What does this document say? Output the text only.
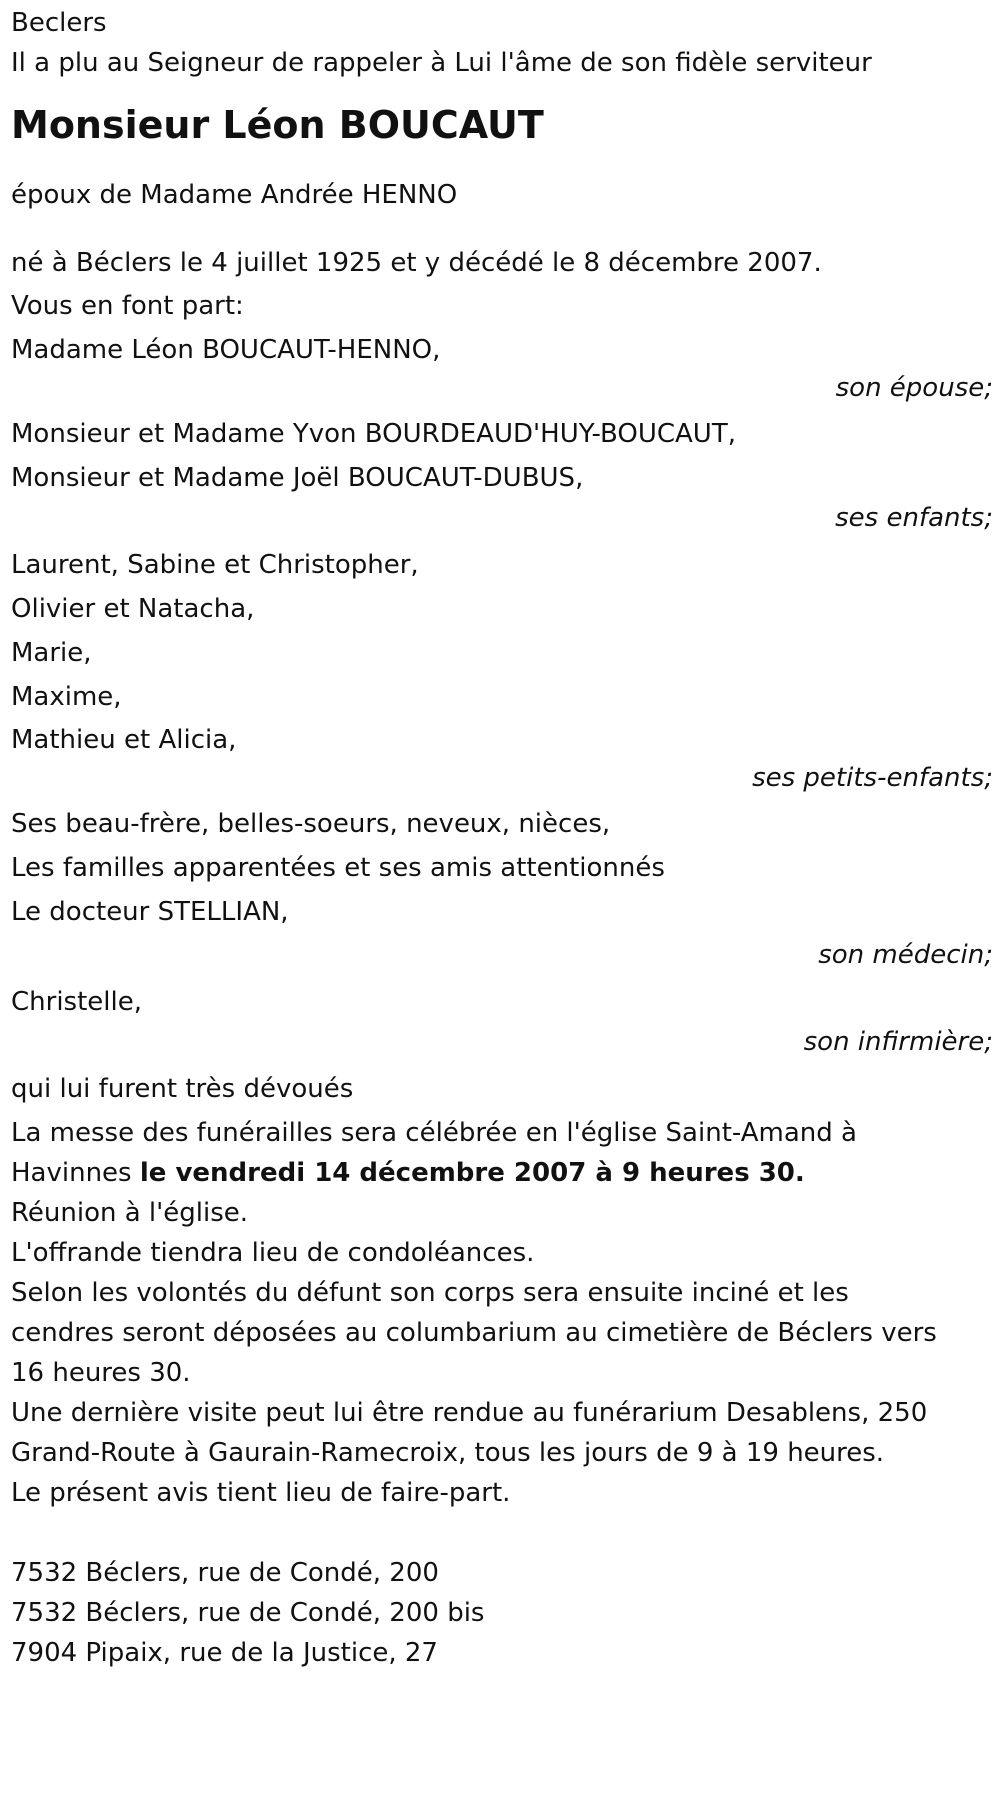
Beclers

Il a plu au Seigneur de rappeler à Lui l'âme de son fidèle serviteur

Monsieur Léon BOUCAUT

époux de Madame Andrée HENNO

né à Béclers le 4 juillet 1925 et y décédé le 8 décembre 2007.

Vous en font part:

Madame Léon BOUCAUT-HENNO,

son épouse;

Monsieur et Madame Yvon BOURDEAUD'HUY-BOUCAUT,

Monsieur et Madame Joël BOUCAUT-DUBUS,

ses enfants;

Laurent, Sabine et Christopher,

Olivier et Natacha,

Marie,

Maxime,

Mathieu et Alicia,

ses petits-enfants;

Ses beau-frère, belles-soeurs, neveux, nièces,

Les familles apparentées et ses amis attentionnés

Le docteur STELLIAN,

son médecin;

Christelle,

son infirmière;

qui lui furent très dévoués

La messe des funérailles sera célébrée en l'église Saint-Amand à

Havinnes le vendredi 14 décembre 2007 à 9 heures 30.

Réunion à l'église.

L'offrande tiendra lieu de condoléances.

Selon les volontés du défunt son corps sera ensuite inciné et les

cendres seront déposées au columbarium au cimetière de Béclers vers

16 heures 30.

Une dernière visite peut lui être rendue au funérarium Desablens, 250

Grand-Route à Gaurain-Ramecroix, tous les jours de 9 à 19 heures.

Le présent avis tient lieu de faire-part.

7532 Béclers, rue de Condé, 200

7532 Béclers, rue de Condé, 200 bis

7904 Pipaix, rue de la Justice, 27
